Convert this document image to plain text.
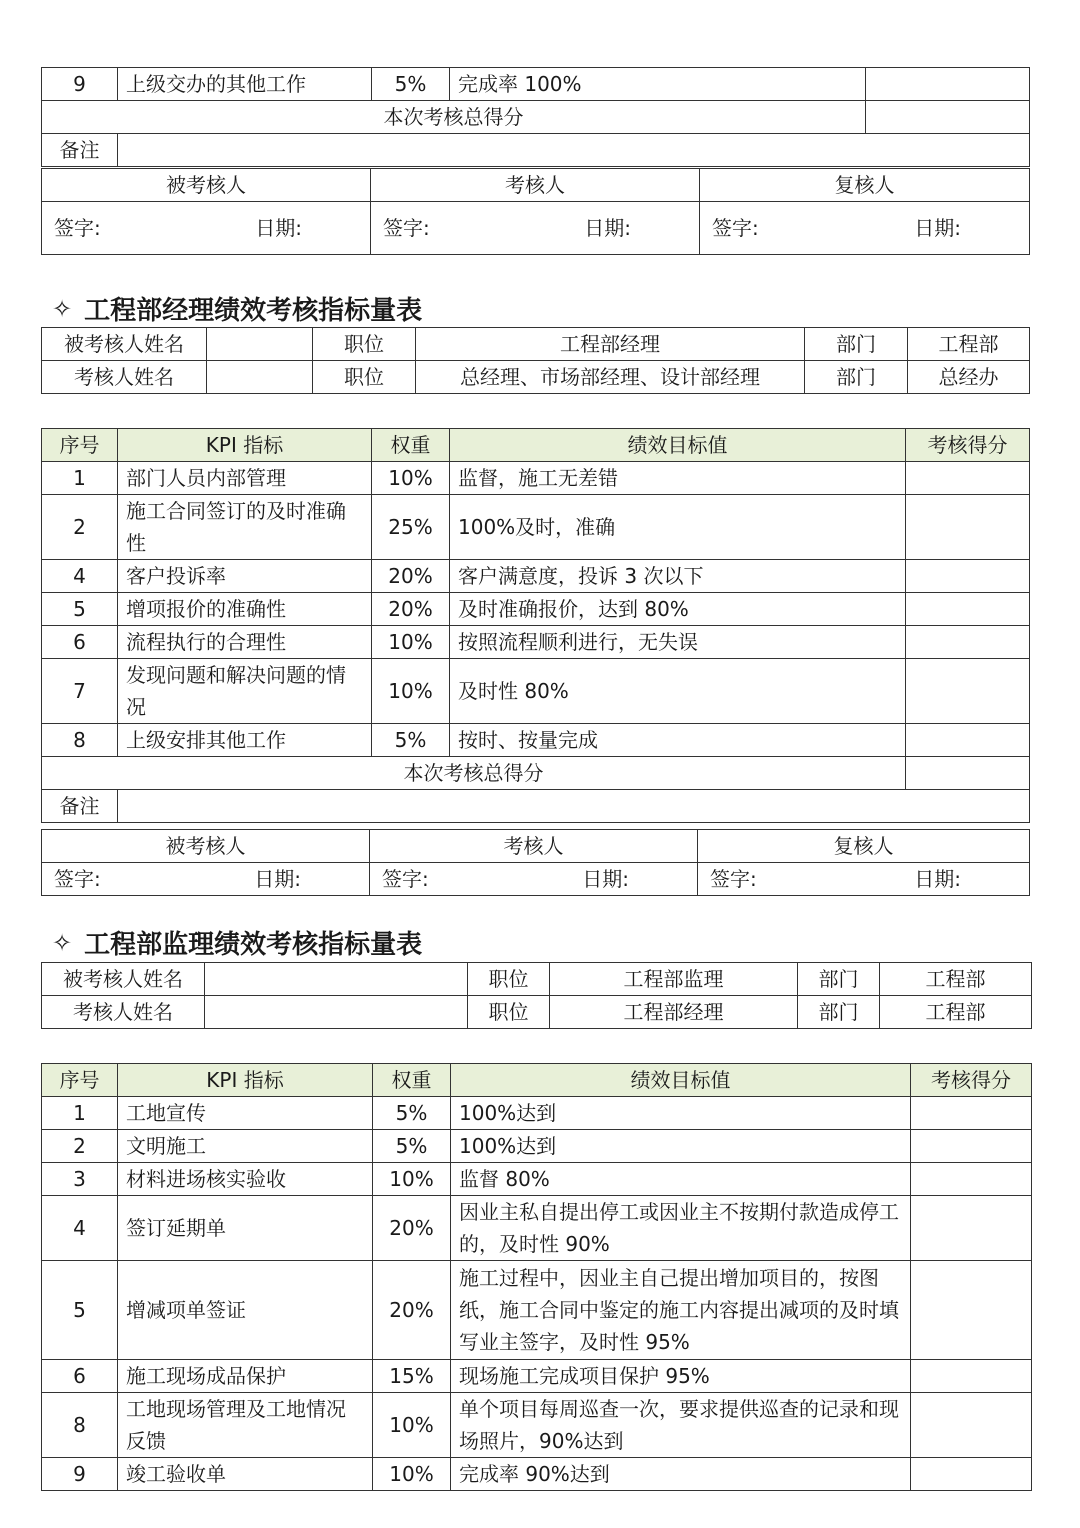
9	上级交办的其他工作	5%	完成率 100%	
本次考核总得分				
备注				
被考核人	考核人	复核人

签字: 日期:	签字: 日期:	签字: 日期:
✧ 工程部经理绩效考核指标量表
被考核人姓名		职位	工程部经理	部门	工程部
考核人姓名		职位	总经理、市场部经理、设计部经理	部门	总经办
序号	KPI 指标	权重	绩效目标值	考核得分
1	部门人员内部管理	10%	监督，施工无差错	
2	施工合同签订的及时准确性	25%	100%及时，准确	
4	客户投诉率	20%	客户满意度，投诉 3 次以下	
5	增项报价的准确性	20%	及时准确报价，达到 80%	
6	流程执行的合理性	10%	按照流程顺利进行，无失误	
7	发现问题和解决问题的情况	10%	及时性 80%	
8	上级安排其他工作	5%	按时、按量完成	
本次考核总得分				
备注				
被考核人	考核人	复核人

签字: 日期:	签字: 日期:	签字: 日期:
✧ 工程部监理绩效考核指标量表
被考核人姓名		职位	工程部监理	部门	工程部
考核人姓名		职位	工程部经理	部门	工程部
序号	KPI 指标	权重	绩效目标值	考核得分
1	工地宣传	5%	100%达到	
2	文明施工	5%	100%达到	
3	材料进场核实验收	10%	监督 80%	
4	签订延期单	20%	因业主私自提出停工或因业主不按期付款造成停工的，及时性 90%	
5	增减项单签证	20%	施工过程中，因业主自己提出增加项目的，按图纸，施工合同中鉴定的施工内容提出减项的及时填写业主签字，及时性 95%	
6	施工现场成品保护	15%	现场施工完成项目保护 95%	
8	工地现场管理及工地情况反馈	10%	单个项目每周巡查一次，要求提供巡查的记录和现场照片，90%达到	
9	竣工验收单	10%	完成率 90%达到	
